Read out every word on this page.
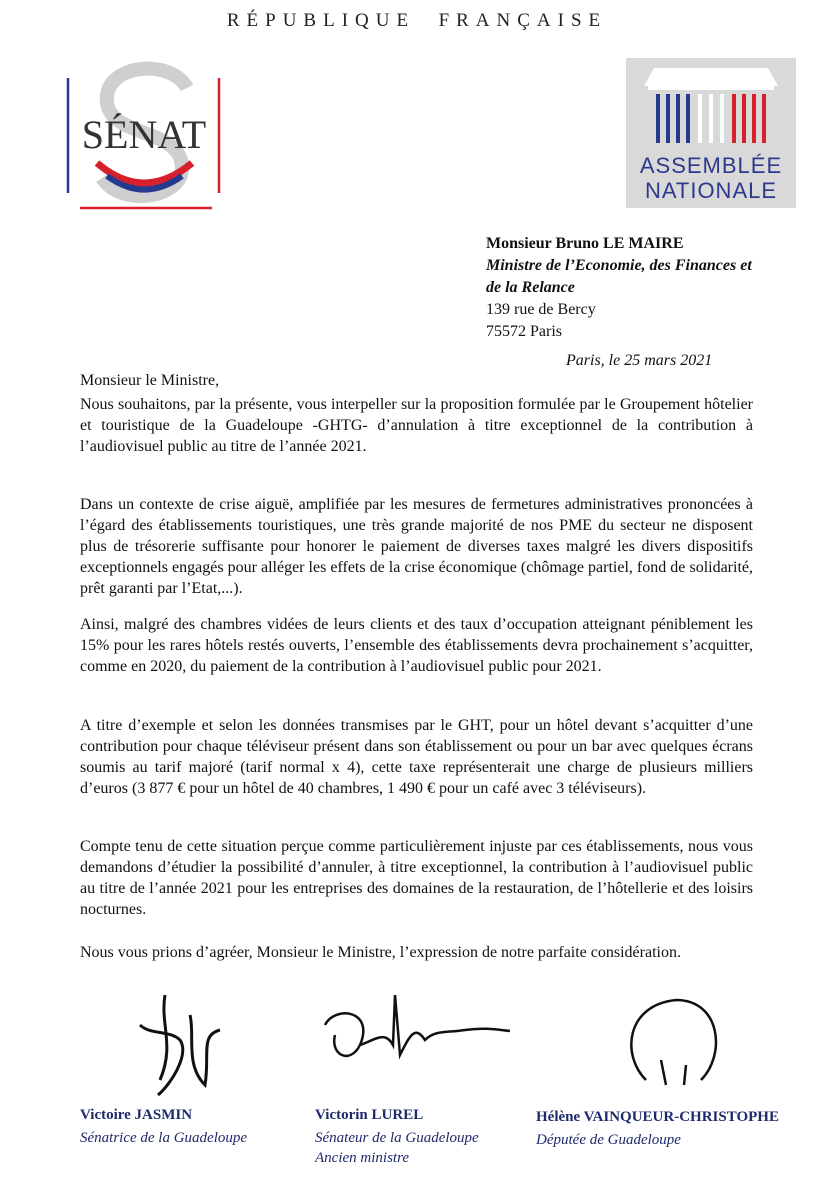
RÉPUBLIQUE  FRANÇAISE
SÉNAT
ASSEMBLÉE
NATIONALE
Monsieur Bruno LE MAIRE
Ministre de l’Economie, des Finances et
de la Relance
139 rue de Bercy
75572 Paris
Paris, le 25 mars 2021
Monsieur le Ministre,
Nous souhaitons, par la présente, vous interpeller sur la proposition formulée par le Groupement hôtelier et touristique de la Guadeloupe -GHTG- d’annulation à titre exceptionnel de la contribution à l’audiovisuel public au titre de l’année 2021.
Dans un contexte de crise aiguë, amplifiée par les mesures de fermetures administratives prononcées à l’égard des établissements touristiques, une très grande majorité de nos PME du secteur ne disposent plus de trésorerie suffisante pour honorer le paiement de diverses taxes malgré les divers dispositifs exceptionnels engagés pour alléger les effets de la crise économique (chômage partiel, fond de solidarité, prêt garanti par l’Etat,...).
Ainsi, malgré des chambres vidées de leurs clients et des taux d’occupation atteignant péniblement les 15% pour les rares hôtels restés ouverts, l’ensemble des établissements devra prochainement s’acquitter, comme en 2020, du paiement de la contribution à l’audiovisuel public pour 2021.
A titre d’exemple et selon les données transmises par le GHT, pour un hôtel devant s’acquitter d’une contribution pour chaque téléviseur présent dans son établissement ou pour un bar avec quelques écrans soumis au tarif majoré (tarif normal x 4), cette taxe représenterait une charge de plusieurs milliers d’euros (3 877 € pour un hôtel de 40 chambres, 1 490 € pour un café avec 3 téléviseurs).
Compte tenu de cette situation perçue comme particulièrement injuste par ces établissements, nous vous demandons d’étudier la possibilité d’annuler, à titre exceptionnel, la contribution à l’audiovisuel public au titre de l’année 2021 pour les entreprises des domaines de la restauration, de l’hôtellerie et des loisirs nocturnes.
Nous vous prions d’agréer, Monsieur le Ministre, l’expression de notre parfaite considération.
Victoire JASMIN
Sénatrice de la Guadeloupe
Victorin LUREL
Sénateur de la Guadeloupe
Ancien ministre
Hélène VAINQUEUR-CHRISTOPHE
Députée de Guadeloupe
